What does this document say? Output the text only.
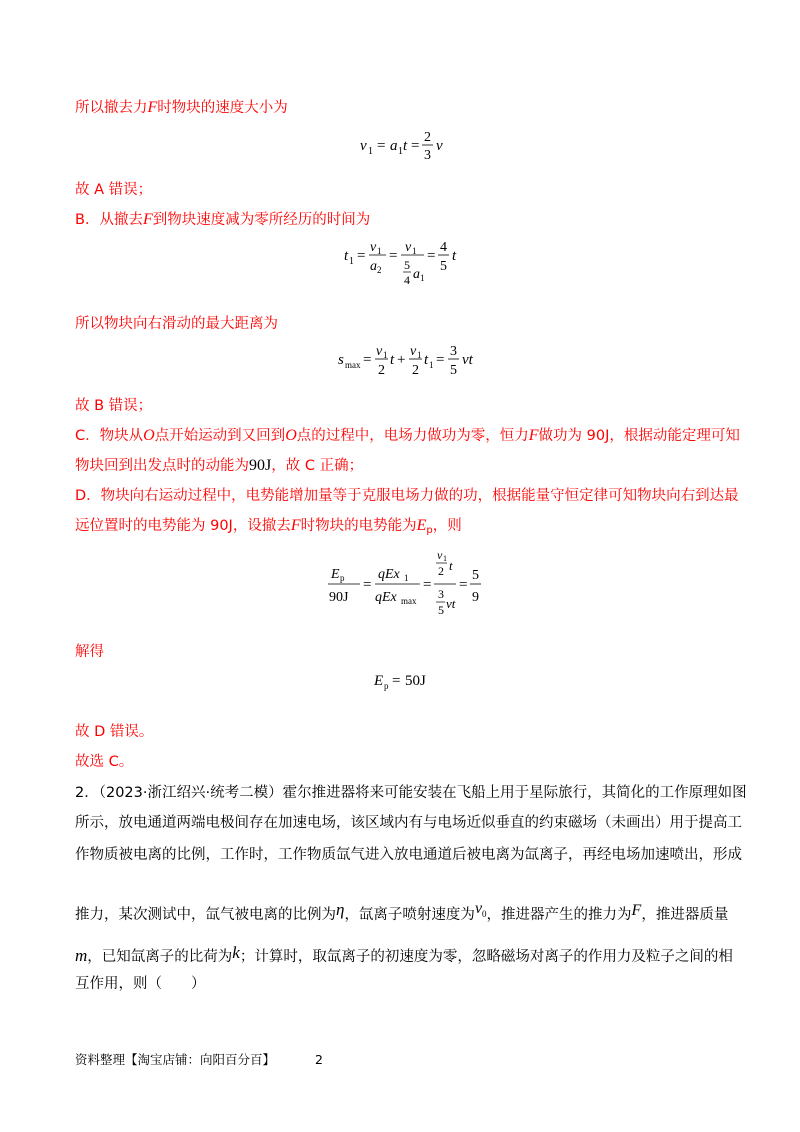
所以撤去力F时物块的速度大小为
v 1 = a 1 t =
2
3
v
故 A 错误；
B．从撤去F到物块速度减为零所经历的时间为
t 1 =
v 1
a 2
=
v 1
5
4 a 1
=
4
5
t
所以物块向右滑动的最大距离为
s max =
v 1
2
t +
v 1
2
t 1 =
3
5
vt
故 B 错误；
C．物块从O点开始运动到又回到O点的过程中，电场力做功为零，恒力F做功为 90J，根据动能定理可知
物块回到出发点时的动能为90J，故 C 正确；
D．物块向右运动过程中，电势能增加量等于克服电场力做的功，根据能量守恒定律可知物块向右到达最
远位置时的电势能为 90J，设撤去F时物块的电势能为$E_p$，则
E p
90J
=
qEx 1
qEx max
=
v 1
2 t
3
5 vt
=
5
9
解得
E p = 50J
故 D 错误。
故选 C。
2．（2023·浙江绍兴·统考二模）霍尔推进器将来可能安装在飞船上用于星际旅行，其简化的工作原理如图
所示，放电通道两端电极间存在加速电场，该区域内有与电场近似垂直的约束磁场（未画出）用于提高工
作物质被电离的比例，工作时，工作物质氙气进入放电通道后被电离为氙离子，再经电场加速喷出，形成
推力，某次测试中，氙气被电离的比例为η，氙离子喷射速度为v0，推进器产生的推力为F，推进器质量
m，已知氙离子的比荷为k；计算时，取氙离子的初速度为零，忽略磁场对离子的作用力及粒子之间的相
互作用，则（　　）
资料整理【淘宝店铺：向阳百分百】	2
